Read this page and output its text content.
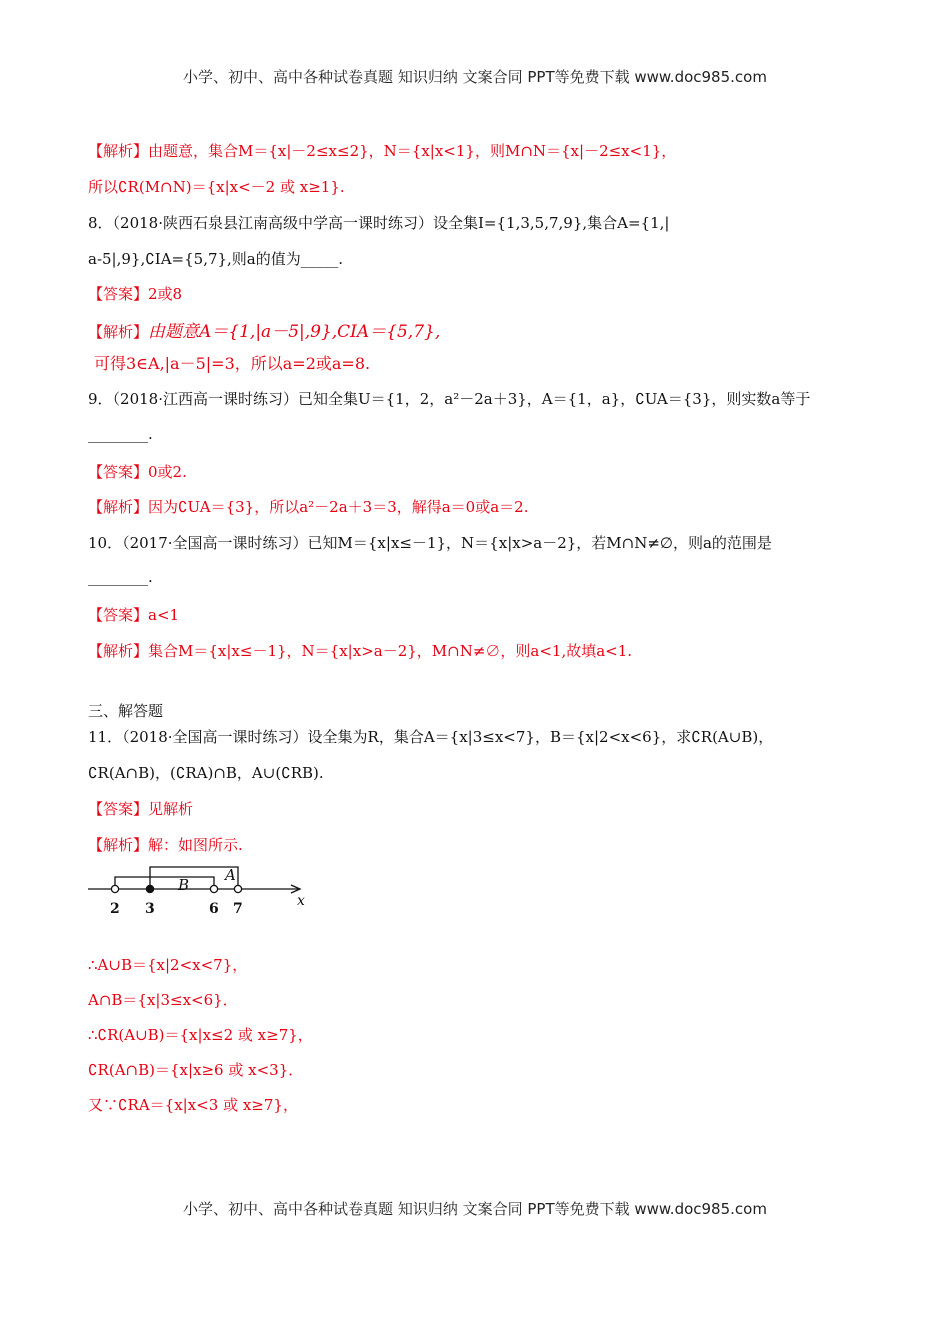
小学、初中、高中各种试卷真题 知识归纳 文案合同 PPT等免费下载 www.doc985.com
【解析】由题意，集合M＝{x|－2≤x≤2}，N＝{x|x<1}，则M∩N＝{x|－2≤x<1}，
所以∁R(M∩N)＝{x|x<－2 或 x≥1}.
8．（2018·陕西石泉县江南高级中学高一课时练习）设全集I={1,3,5,7,9},集合A={1,|
a-5|,9},∁IA={5,7},则a的值为_____.
【答案】2或8
【解析】由题意A＝{1,|a－5|,9},CIA＝{5,7},
可得3∈A,|a－5|=3，所以a=2或a=8.
9．（2018·江西高一课时练习）已知全集U＝{1，2，a²－2a＋3}，A＝{1，a}，∁UA＝{3}，则实数a等于
________.
【答案】0或2.
【解析】因为∁UA＝{3}，所以a²－2a＋3＝3，解得a＝0或a＝2.
10．（2017·全国高一课时练习）已知M＝{x|x≤－1}，N＝{x|x>a－2}，若M∩N≠∅，则a的范围是
________.
【答案】a<1
【解析】集合M＝{x|x≤－1}，N＝{x|x>a－2}，M∩N≠∅，则a<1,故填a<1.
三、解答题
11．（2018·全国高一课时练习）设全集为R，集合A＝{x|3≤x<7}，B＝{x|2<x<6}，求∁R(A∪B)，
∁R(A∩B)，(∁RA)∩B，A∪(∁RB).
【答案】见解析
【解析】解：如图所示.
A
B
x
2 3	6 7
∴A∪B＝{x|2<x<7}，
A∩B＝{x|3≤x<6}．
∴∁R(A∪B)＝{x|x≤2 或 x≥7}，
∁R(A∩B)＝{x|x≥6 或 x<3}．
又∵∁RA＝{x|x<3 或 x≥7}，
小学、初中、高中各种试卷真题 知识归纳 文案合同 PPT等免费下载 www.doc985.com
